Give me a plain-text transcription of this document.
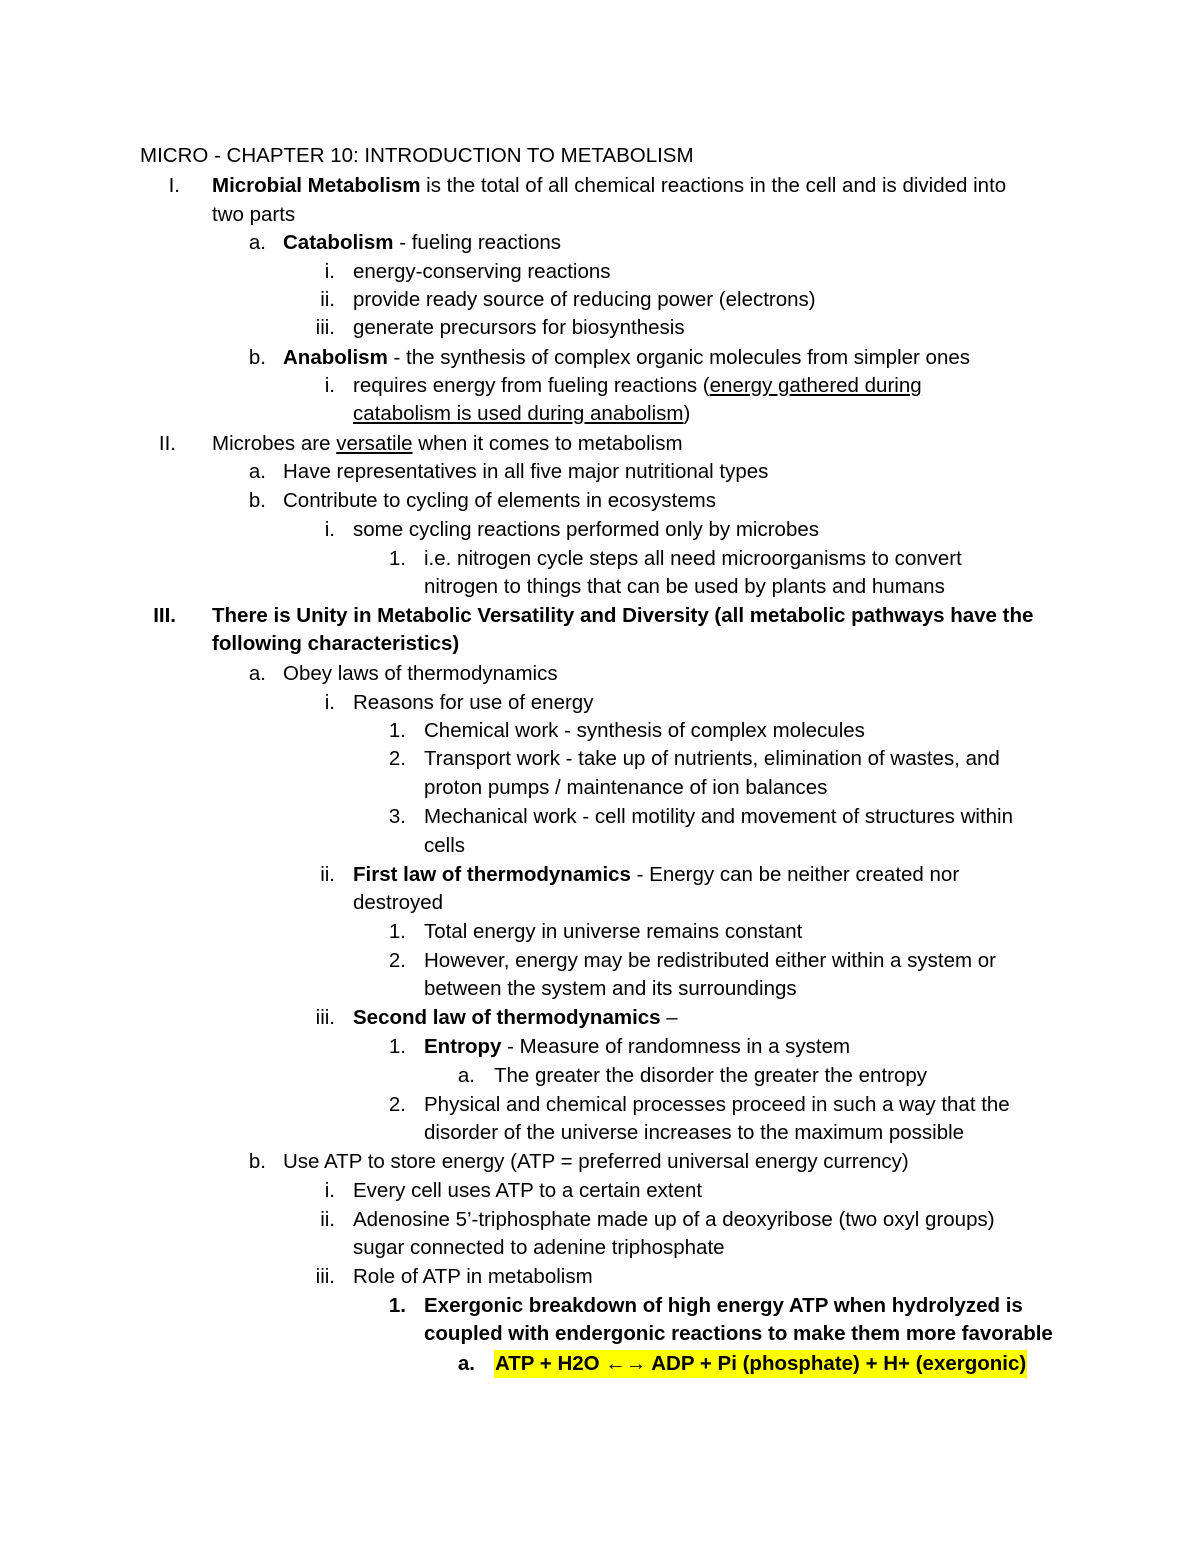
MICRO - CHAPTER 10: INTRODUCTION TO METABOLISM
I. Microbial Metabolism is the total of all chemical reactions in the cell and is divided into
two parts
a. Catabolism - fueling reactions
i. energy-conserving reactions
ii. provide ready source of reducing power (electrons)
iii. generate precursors for biosynthesis
b. Anabolism - the synthesis of complex organic molecules from simpler ones
i. requires energy from fueling reactions (energy gathered during
catabolism is used during anabolism)
II. Microbes are versatile when it comes to metabolism
a. Have representatives in all five major nutritional types
b. Contribute to cycling of elements in ecosystems
i. some cycling reactions performed only by microbes
1. i.e. nitrogen cycle steps all need microorganisms to convert
nitrogen to things that can be used by plants and humans
III. There is Unity in Metabolic Versatility and Diversity (all metabolic pathways have the
following characteristics)
a. Obey laws of thermodynamics
i. Reasons for use of energy
1. Chemical work - synthesis of complex molecules
2. Transport work - take up of nutrients, elimination of wastes, and
proton pumps / maintenance of ion balances
3. Mechanical work - cell motility and movement of structures within
cells
ii. First law of thermodynamics - Energy can be neither created nor
destroyed
1. Total energy in universe remains constant
2. However, energy may be redistributed either within a system or
between the system and its surroundings
iii. Second law of thermodynamics –
1. Entropy - Measure of randomness in a system
a. The greater the disorder the greater the entropy
2. Physical and chemical processes proceed in such a way that the
disorder of the universe increases to the maximum possible
b. Use ATP to store energy (ATP = preferred universal energy currency)
i. Every cell uses ATP to a certain extent
ii. Adenosine 5’-triphosphate made up of a deoxyribose (two oxyl groups)
sugar connected to adenine triphosphate
iii. Role of ATP in metabolism
1. Exergonic breakdown of high energy ATP when hydrolyzed is
coupled with endergonic reactions to make them more favorable
a. ATP + H2O ←→ ADP + Pi (phosphate) + H+ (exergonic)
